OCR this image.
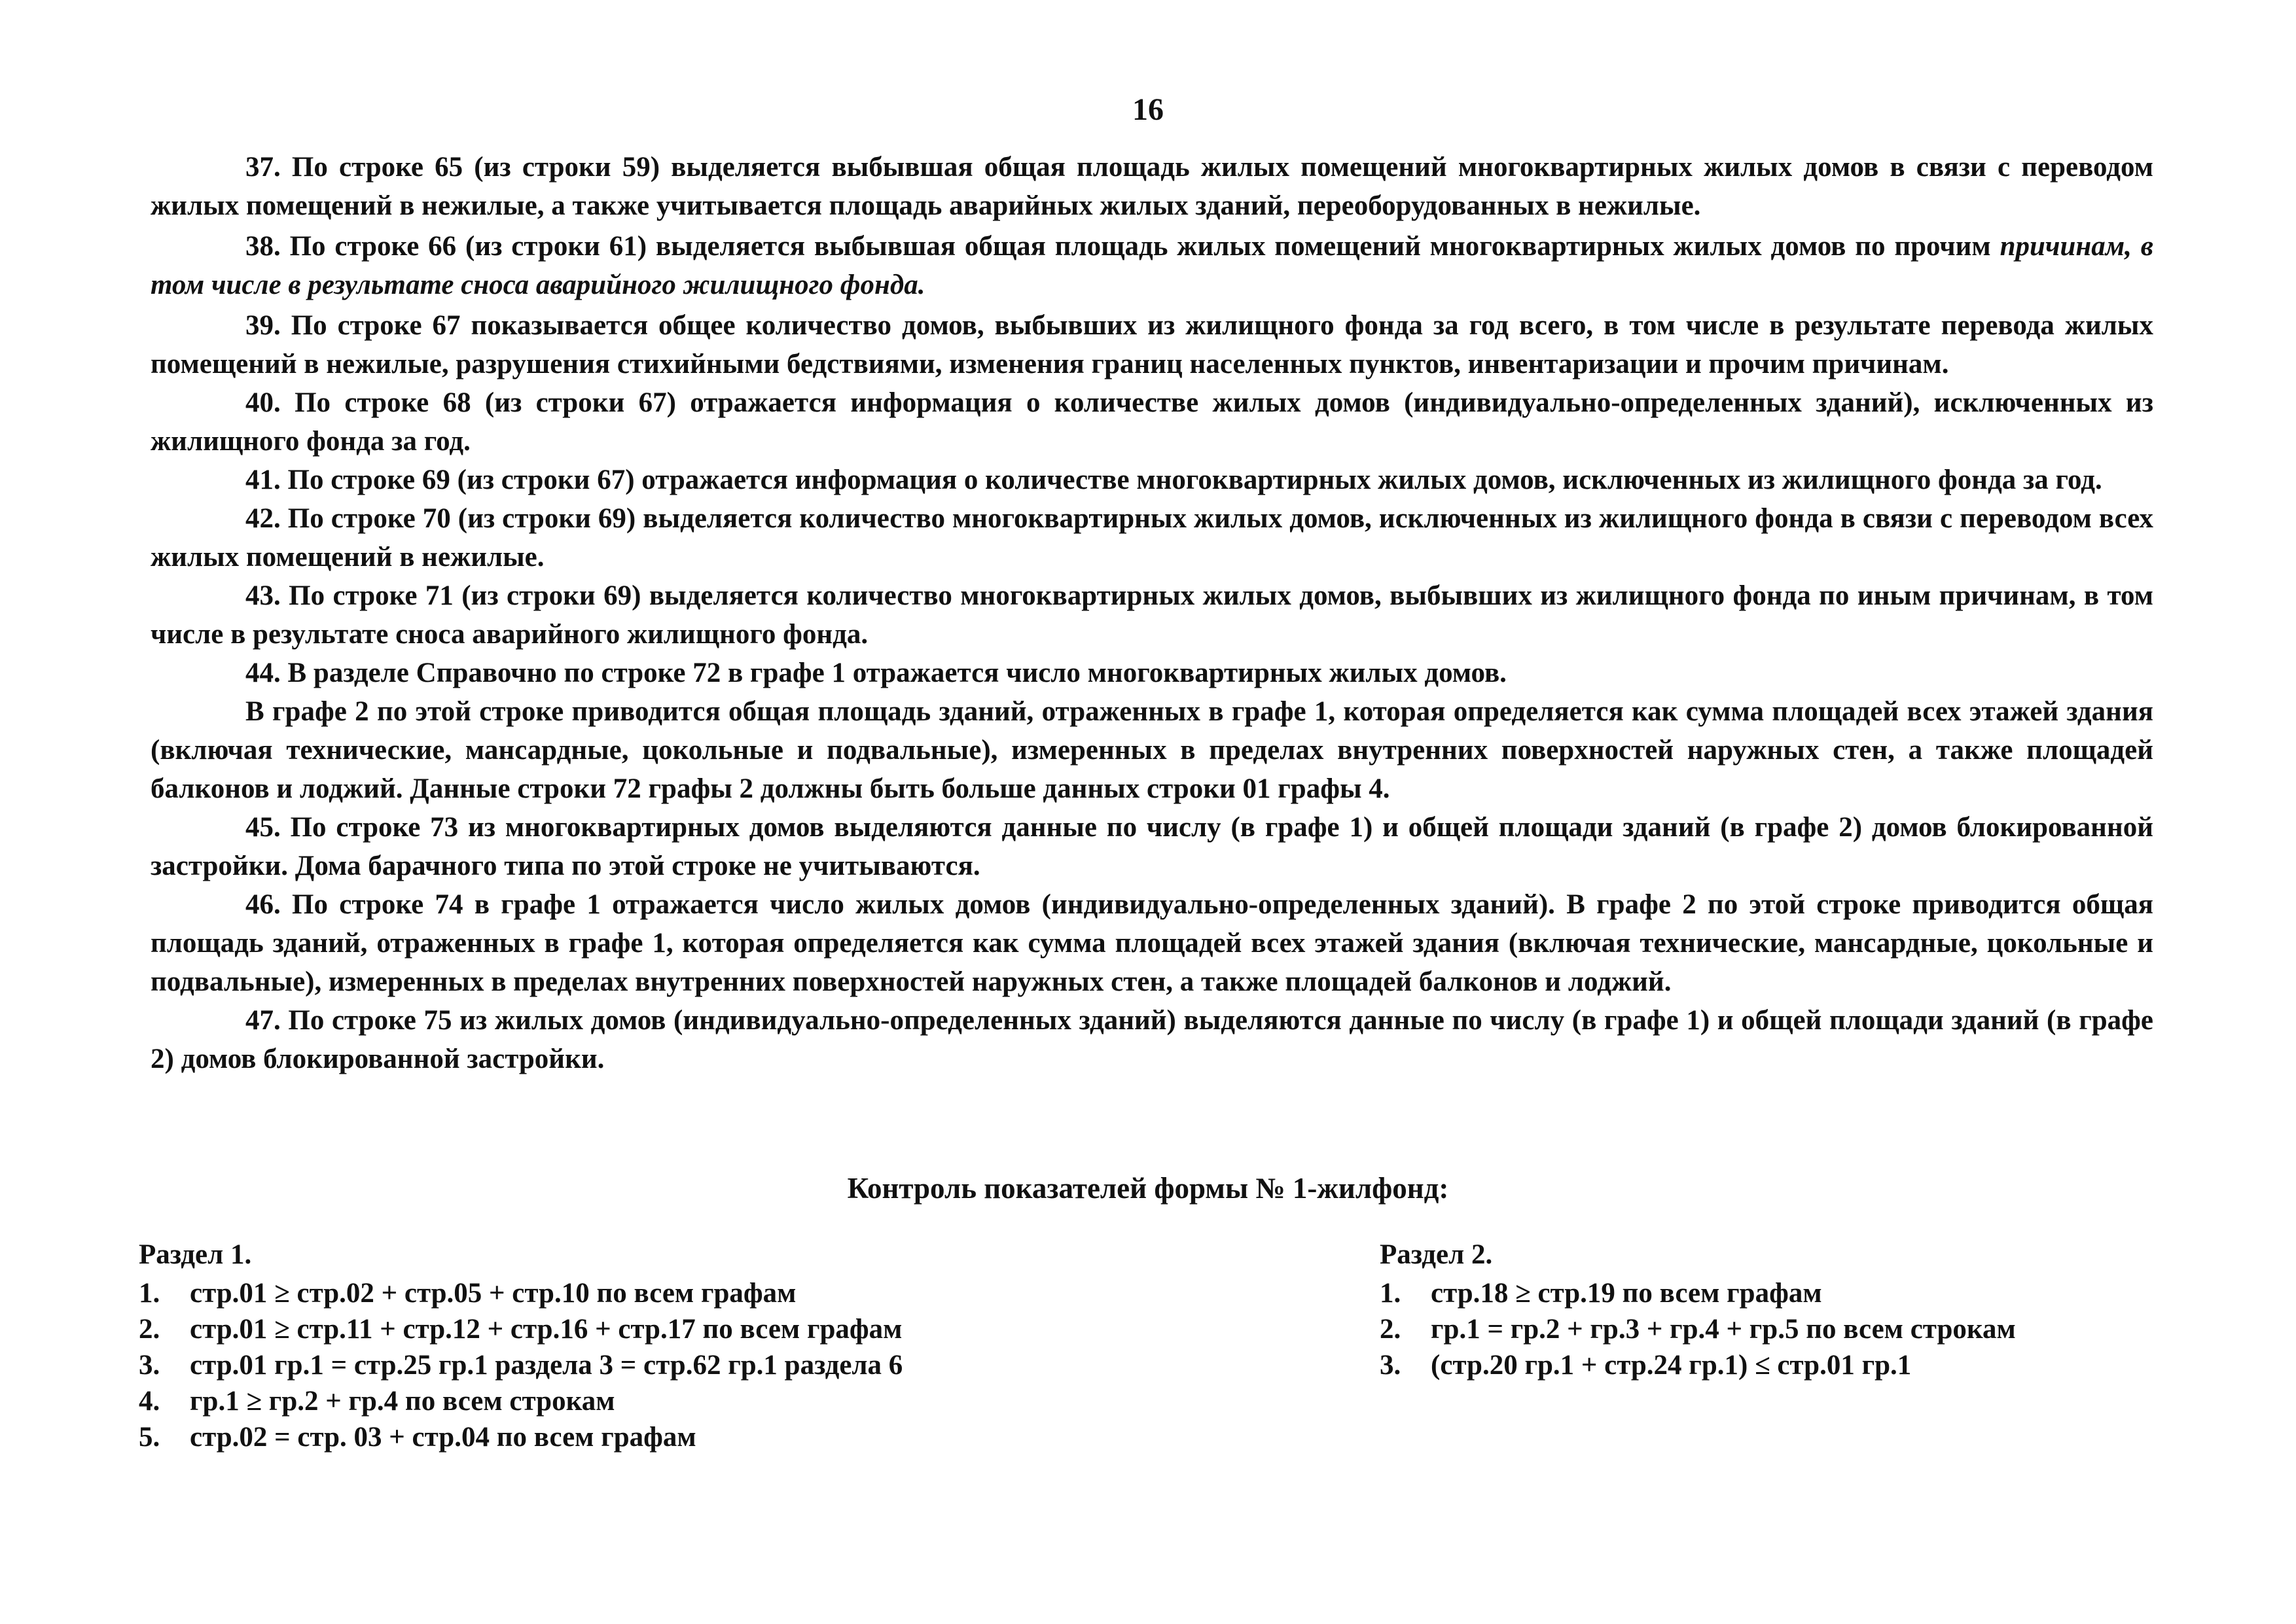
16

37. По строке 65 (из строки 59) выделяется выбывшая общая площадь жилых помещений многоквартирных жилых домов в связи с переводом жилых помещений в нежилые, а также учитывается площадь аварийных жилых зданий, переоборудованных в нежилые.

38. По строке 66 (из строки 61) выделяется выбывшая общая площадь жилых помещений многоквартирных жилых домов по прочим причинам, в том числе в результате сноса аварийного жилищного фонда.

39. По строке 67 показывается общее количество домов, выбывших из жилищного фонда за год всего, в том числе в результате перевода жилых помещений в нежилые, разрушения стихийными бедствиями, изменения границ населенных пунктов, инвентаризации и прочим причинам.

40. По строке 68 (из строки 67) отражается информация о количестве жилых домов (индивидуально-определенных зданий), исключенных из жилищного фонда за год.

41. По строке 69 (из строки 67) отражается информация о количестве многоквартирных жилых домов, исключенных из жилищного фонда за год.

42. По строке 70 (из строки 69) выделяется количество многоквартирных жилых домов, исключенных из жилищного фонда в связи с переводом всех жилых помещений в нежилые.

43. По строке 71 (из строки 69) выделяется количество многоквартирных жилых домов, выбывших из жилищного фонда по иным причинам, в том числе в результате сноса аварийного жилищного фонда.

44. В разделе Справочно по строке 72 в графе 1 отражается число многоквартирных жилых домов.

В графе 2 по этой строке приводится общая площадь зданий, отраженных в графе 1, которая определяется как сумма площадей всех этажей здания (включая технические, мансардные, цокольные и подвальные), измеренных в пределах внутренних поверхностей наружных стен, а также площадей балконов и лоджий. Данные строки 72 графы 2 должны быть больше данных строки 01 графы 4.

45. По строке 73 из многоквартирных домов выделяются данные по числу (в графе 1) и общей площади зданий (в графе 2) домов блокированной застройки. Дома барачного типа по этой строке не учитываются.

46. По строке 74 в графе 1 отражается число жилых домов (индивидуально-определенных зданий). В графе 2 по этой строке приводится общая площадь зданий, отраженных в графе 1, которая определяется как сумма площадей всех этажей здания (включая технические, мансардные, цокольные и подвальные), измеренных в пределах внутренних поверхностей наружных стен, а также площадей балконов и лоджий.

47. По строке 75 из жилых домов (индивидуально-определенных зданий) выделяются данные по числу (в графе 1) и общей площади зданий (в графе 2) домов блокированной застройки.

Контроль показателей формы № 1-жилфонд:
Раздел 1.
1.	стр.01 ≥ стр.02 + стр.05 + стр.10 по всем графам
2.	стр.01 ≥ стр.11 + стр.12 + стр.16 + стр.17 по всем графам
3.	стр.01 гр.1 = стр.25 гр.1 раздела 3 = стр.62 гр.1 раздела 6
4.	гр.1 ≥ гр.2 + гр.4 по всем строкам
5.	стр.02 = стр. 03 + стр.04 по всем графам
Раздел 2.
1.	стр.18 ≥ стр.19 по всем графам
2.	гр.1 = гр.2 + гр.3 + гр.4 + гр.5 по всем строкам
3.	(стр.20 гр.1 + стр.24 гр.1) ≤ стр.01 гр.1
